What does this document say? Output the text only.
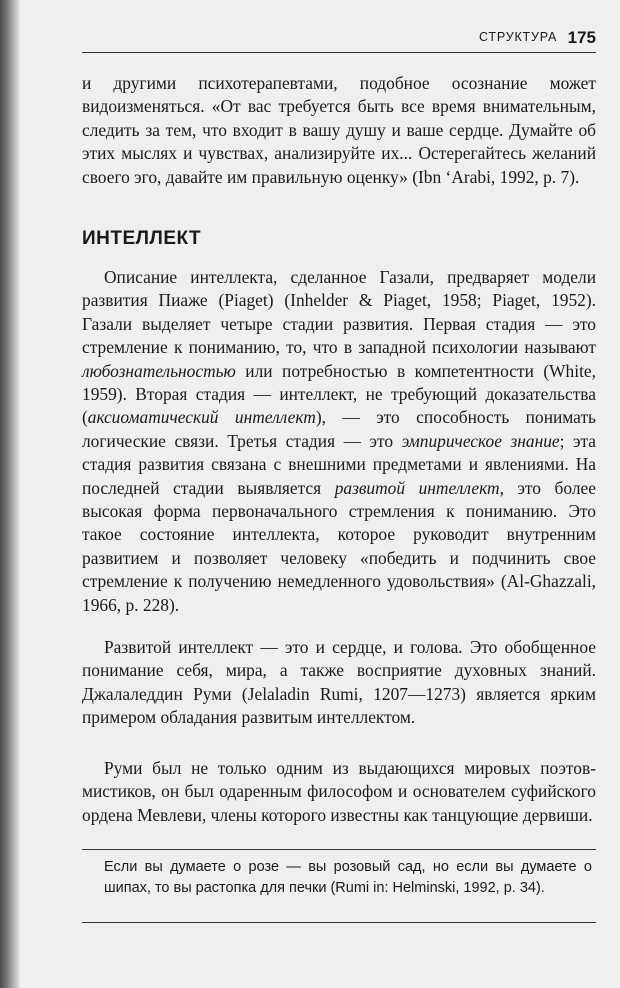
СТРУКТУРА 175

и другими психотерапевтами, подобное осознание может видоизменяться. «От вас требуется быть все время внимательным, следить за тем, что входит в вашу душу и ваше сердце. Думайте об этих мыслях и чувствах, анализируйте их... Остерегайтесь желаний своего эго, давайте им правильную оценку» (Ibn ‘Arabi, 1992, p. 7).

ИНТЕЛЛЕКТ

Описание интеллекта, сделанное Газали, предваряет модели развития Пиаже (Piaget) (Inhelder & Piaget, 1958; Piaget, 1952). Газали выделяет четыре стадии развития. Первая стадия — это стремление к пониманию, то, что в западной психологии называют любознательностью или потребностью в компетентности (White, 1959). Вторая стадия — интеллект, не требующий доказательства (аксиоматический интеллект), — это способность понимать логические связи. Третья стадия — это эмпирическое знание; эта стадия развития связана с внешними предметами и явлениями. На последней стадии выявляется развитой интеллект, это более высокая форма первоначального стремления к пониманию. Это такое состояние интеллекта, которое руководит внутренним развитием и позволяет человеку «победить и подчинить свое стремление к получению немедленного удовольствия» (Al-Ghazzali, 1966, p. 228).

Развитой интеллект — это и сердце, и голова. Это обобщенное понимание себя, мира, а также восприятие духовных знаний. Джалаледдин Руми (Jelaladin Rumi, 1207—1273) является ярким примером обладания развитым интеллектом.

Руми был не только одним из выдающихся мировых поэтов-мистиков, он был одаренным философом и основателем суфийского ордена Мевлеви, члены которого известны как танцующие дервиши.

Если вы думаете о розе — вы розовый сад, но если вы думаете о шипах, то вы растопка для печки (Rumi in: Helminski, 1992, p. 34).
